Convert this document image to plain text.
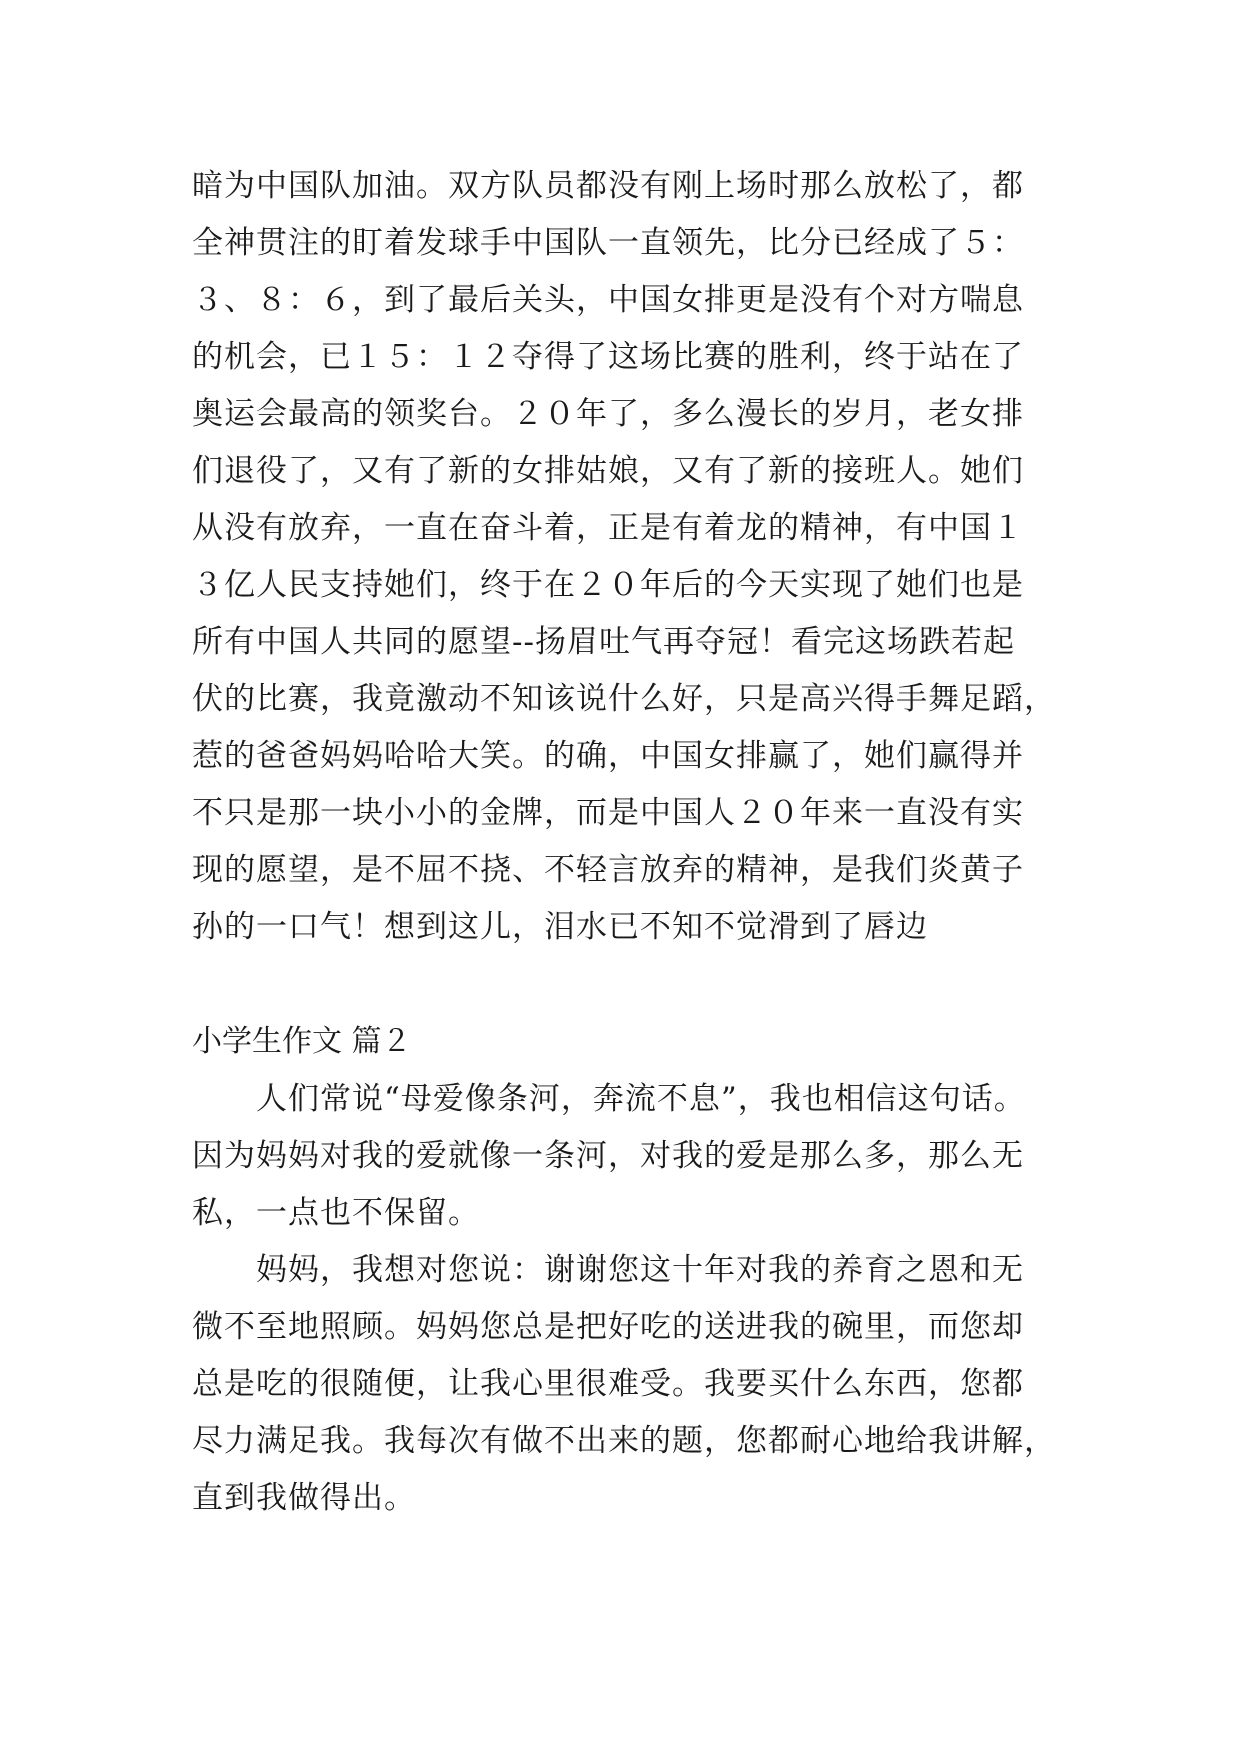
暗为中国队加油。双方队员都没有刚上场时那么放松了，都
全神贯注的盯着发球手中国队一直领先，比分已经成了５：
３、８：６，到了最后关头，中国女排更是没有个对方喘息
的机会，已１５：１２夺得了这场比赛的胜利，终于站在了
奥运会最高的领奖台。２０年了，多么漫长的岁月，老女排
们退役了，又有了新的女排姑娘，又有了新的接班人。她们
从没有放弃，一直在奋斗着，正是有着龙的精神，有中国１
３亿人民支持她们，终于在２０年后的今天实现了她们也是
所有中国人共同的愿望--扬眉吐气再夺冠！看完这场跌若起
伏的比赛，我竟激动不知该说什么好，只是高兴得手舞足蹈，
惹的爸爸妈妈哈哈大笑。的确，中国女排赢了，她们赢得并
不只是那一块小小的金牌，而是中国人２０年来一直没有实
现的愿望，是不屈不挠、不轻言放弃的精神，是我们炎黄子
孙的一口气！想到这儿，泪水已不知不觉滑到了唇边
小学生作文 篇２
　　人们常说“母爱像条河，奔流不息”，我也相信这句话。
因为妈妈对我的爱就像一条河，对我的爱是那么多，那么无
私，一点也不保留。
　　妈妈，我想对您说：谢谢您这十年对我的养育之恩和无
微不至地照顾。妈妈您总是把好吃的送进我的碗里，而您却
总是吃的很随便，让我心里很难受。我要买什么东西，您都
尽力满足我。我每次有做不出来的题，您都耐心地给我讲解，
直到我做得出。
